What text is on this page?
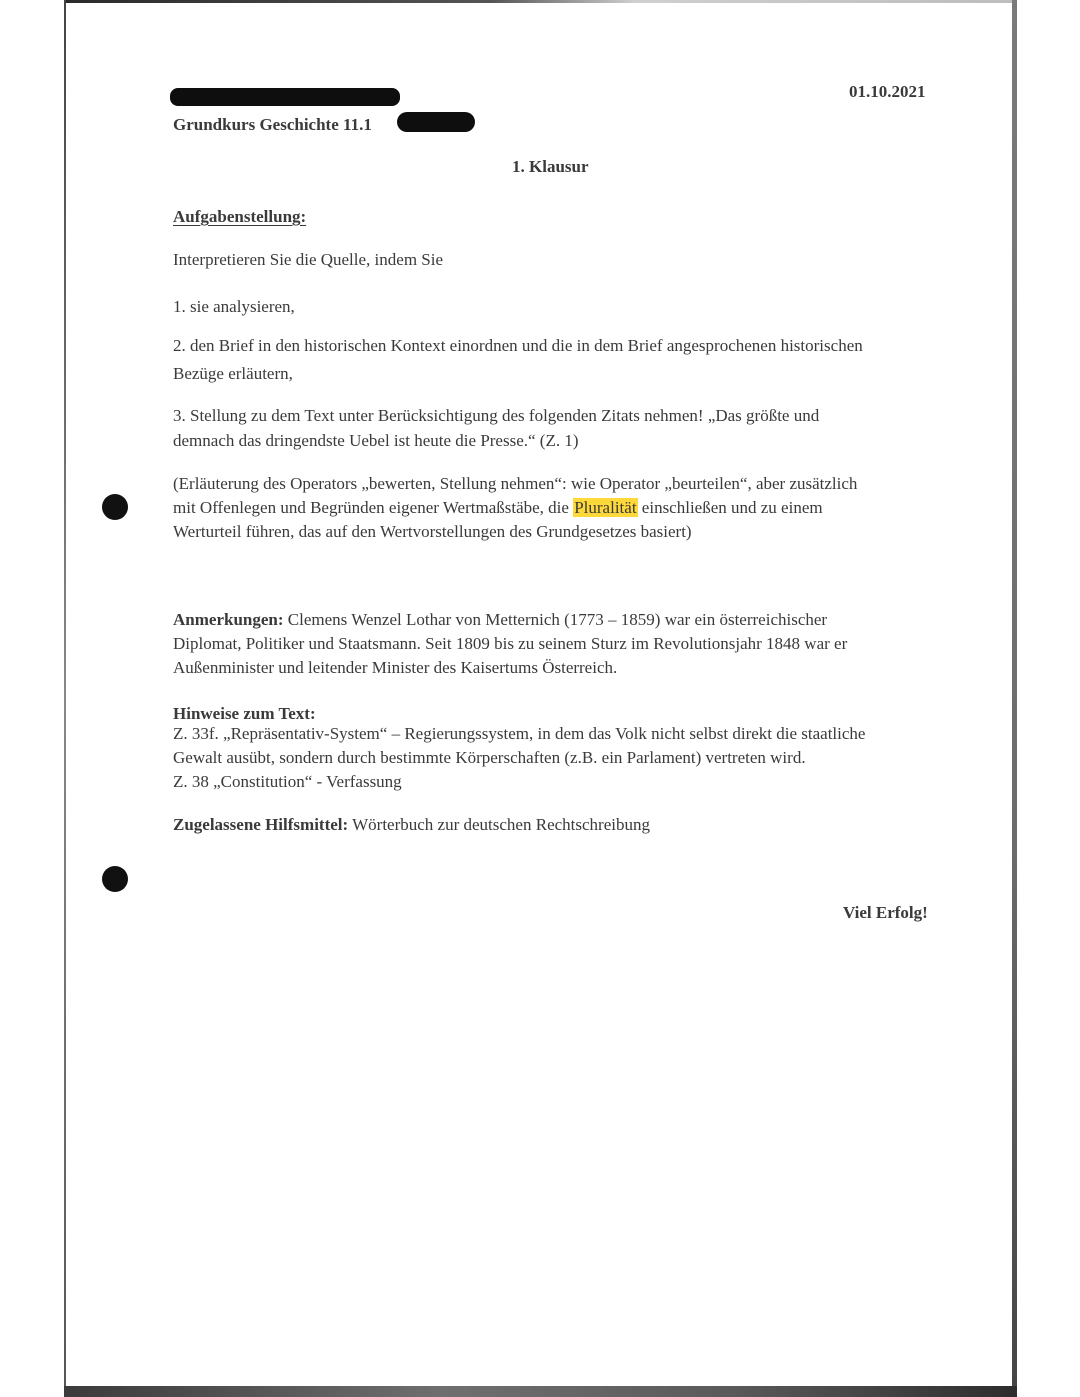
01.10.2021

Grundkurs Geschichte 11.1

1. Klausur

Aufgabenstellung:

Interpretieren Sie die Quelle, indem Sie

1. sie analysieren,

2. den Brief in den historischen Kontext einordnen und die in dem Brief angesprochenen historischen

Bezüge erläutern,

3. Stellung zu dem Text unter Berücksichtigung des folgenden Zitats nehmen! „Das größte und

demnach das dringendste Uebel ist heute die Presse.“ (Z. 1)

(Erläuterung des Operators „bewerten, Stellung nehmen“: wie Operator „beurteilen“, aber zusätzlich

mit Offenlegen und Begründen eigener Wertmaßstäbe, die Pluralität einschließen und zu einem

Werturteil führen, das auf den Wertvorstellungen des Grundgesetzes basiert)

Anmerkungen: Clemens Wenzel Lothar von Metternich (1773 – 1859) war ein österreichischer

Diplomat, Politiker und Staatsmann. Seit 1809 bis zu seinem Sturz im Revolutionsjahr 1848 war er

Außenminister und leitender Minister des Kaisertums Österreich.

Hinweise zum Text:

Z. 33f. „Repräsentativ-System“ – Regierungssystem, in dem das Volk nicht selbst direkt die staatliche

Gewalt ausübt, sondern durch bestimmte Körperschaften (z.B. ein Parlament) vertreten wird.

Z. 38 „Constitution“ - Verfassung

Zugelassene Hilfsmittel: Wörterbuch zur deutschen Rechtschreibung

Viel Erfolg!
